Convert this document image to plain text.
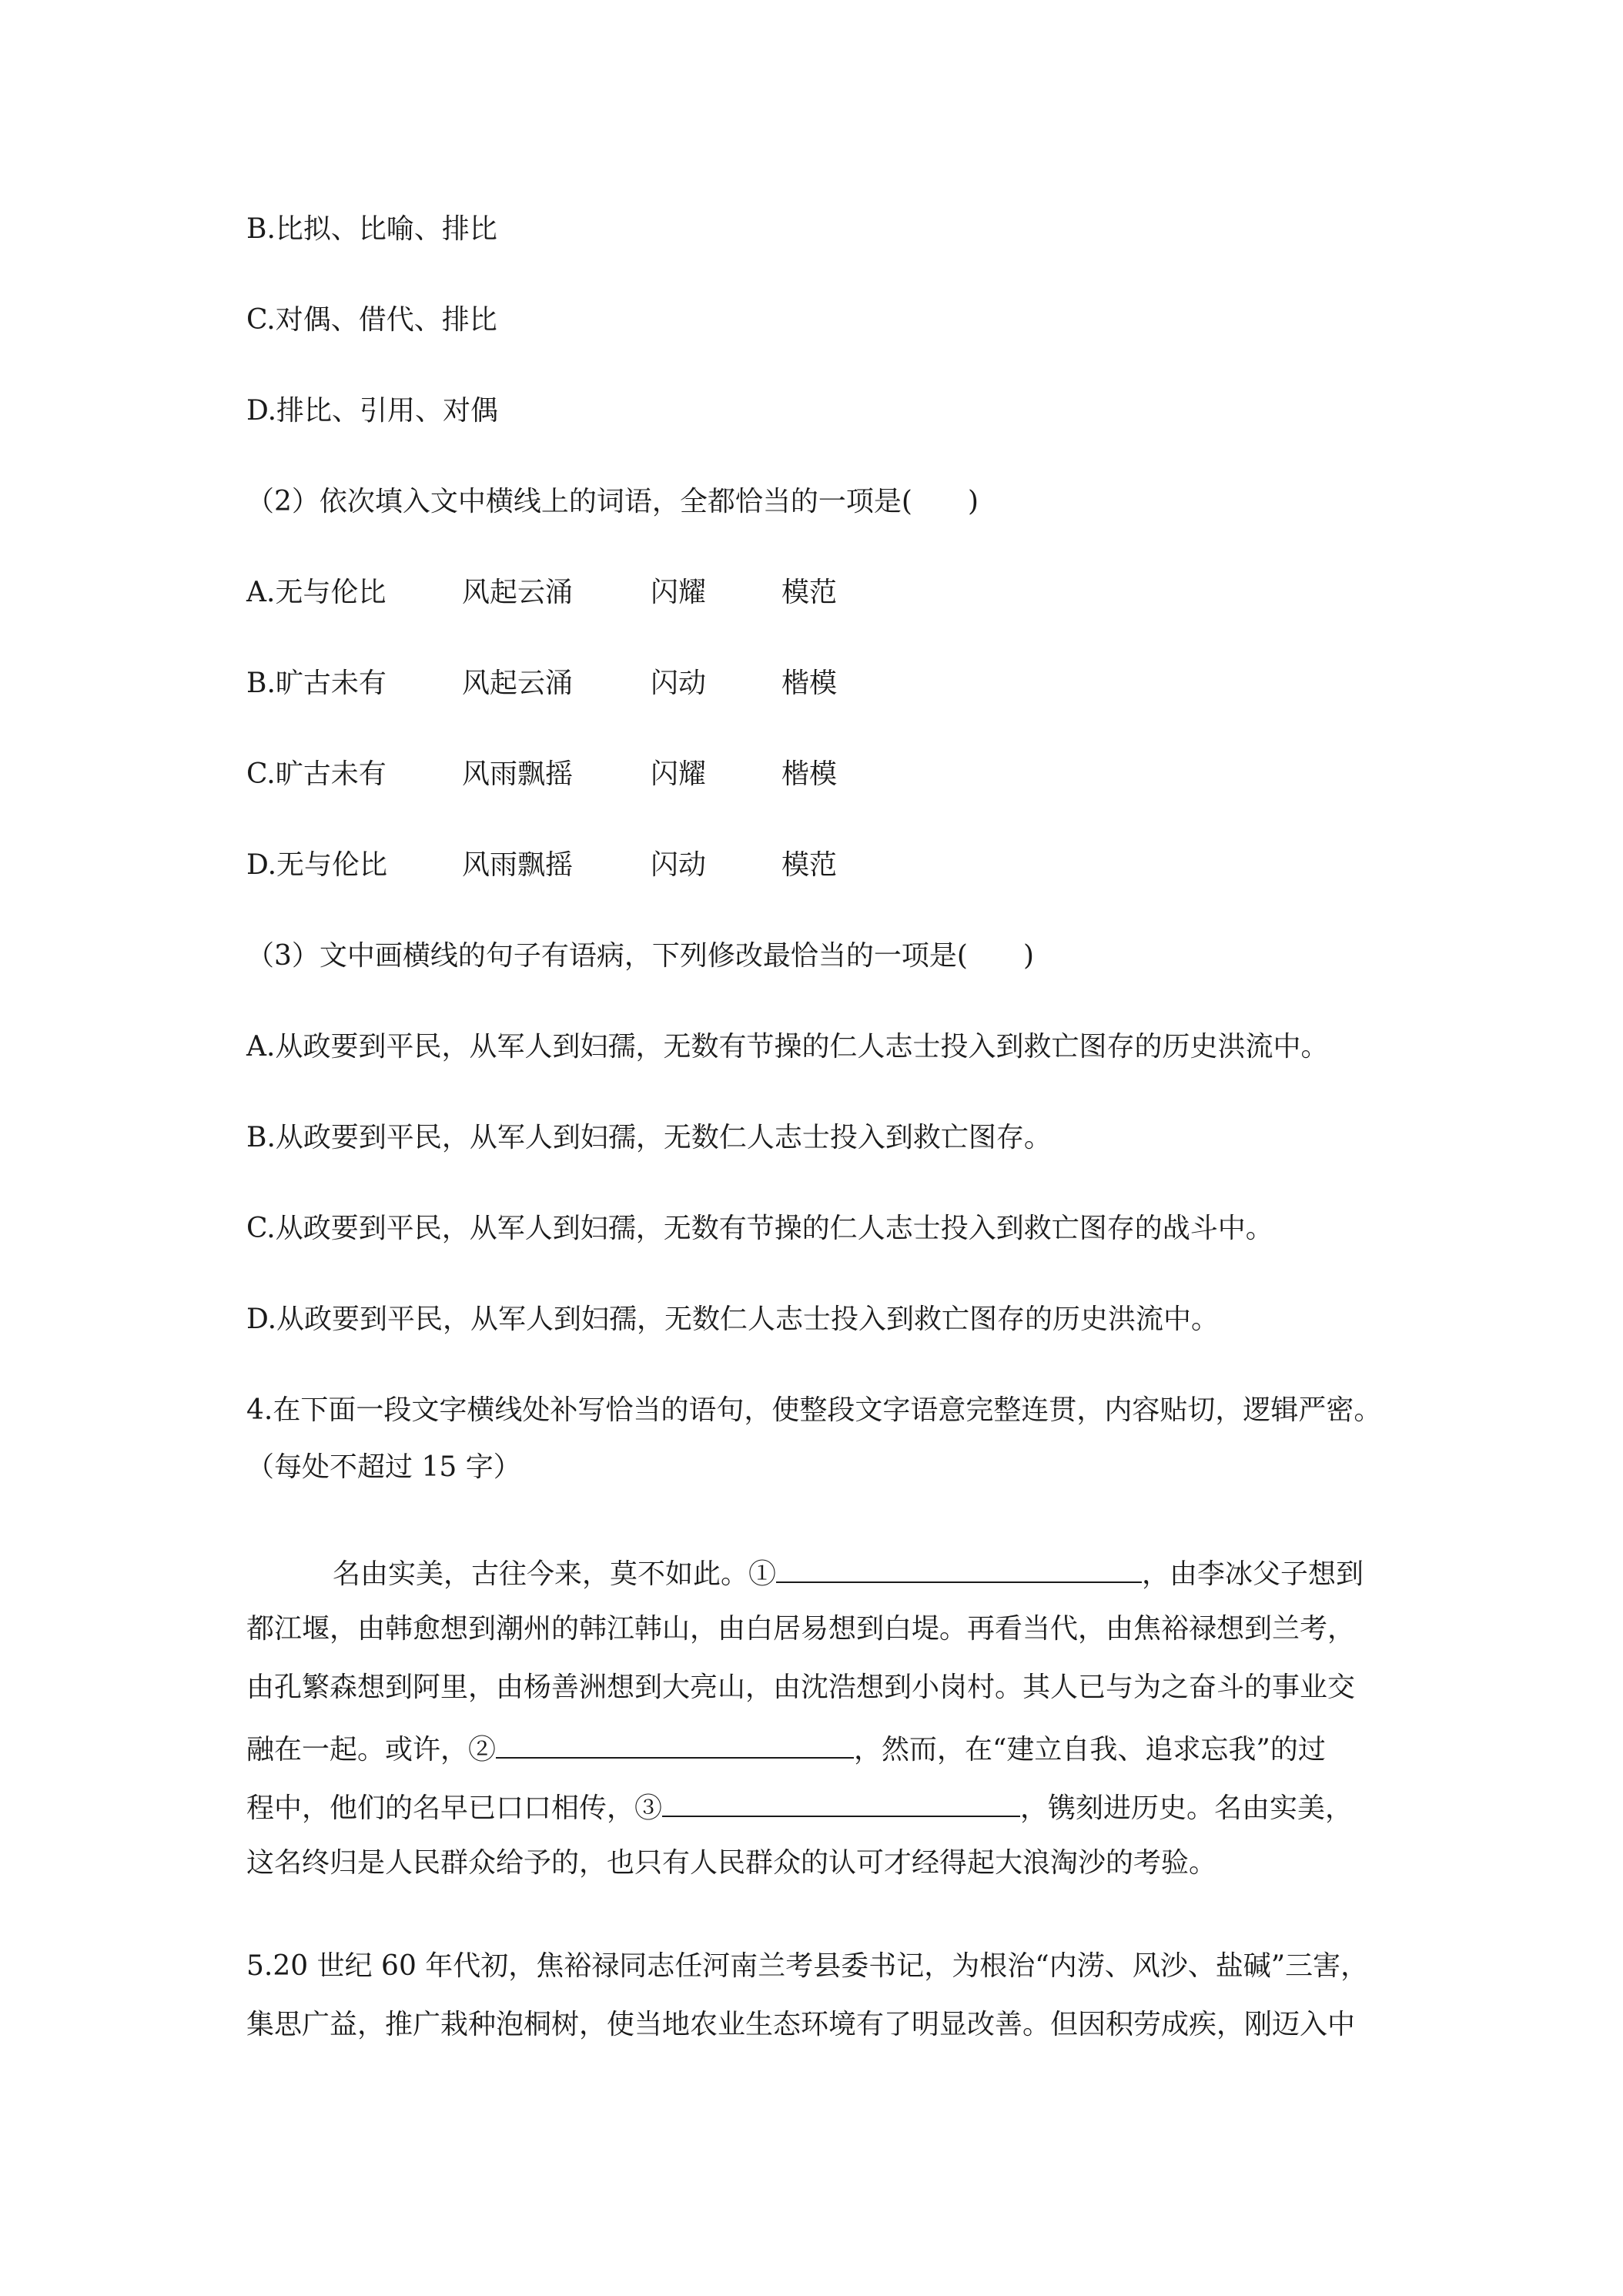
B.比拟、比喻、排比
C.对偶、借代、排比
D.排比、引用、对偶
（2）依次填入文中横线上的词语，全都恰当的一项是(　　)
A.无与伦比	风起云涌	闪耀	模范
B.旷古未有	风起云涌	闪动	楷模
C.旷古未有	风雨飘摇	闪耀	楷模
D.无与伦比	风雨飘摇	闪动	模范
（3）文中画横线的句子有语病，下列修改最恰当的一项是(　　)
A.从政要到平民，从军人到妇孺，无数有节操的仁人志士投入到救亡图存的历史洪流中。
B.从政要到平民，从军人到妇孺，无数仁人志士投入到救亡图存。
C.从政要到平民，从军人到妇孺，无数有节操的仁人志士投入到救亡图存的战斗中。
D.从政要到平民，从军人到妇孺，无数仁人志士投入到救亡图存的历史洪流中。
4.在下面一段文字横线处补写恰当的语句，使整段文字语意完整连贯，内容贴切，逻辑严密。
（每处不超过 15 字）
名由实美，古往今来，莫不如此。①	，由李冰父子想到
都江堰，由韩愈想到潮州的韩江韩山，由白居易想到白堤。再看当代，由焦裕禄想到兰考，
由孔繁森想到阿里，由杨善洲想到大亮山，由沈浩想到小岗村。其人已与为之奋斗的事业交
融在一起。或许，②	，然而，在“建立自我、追求忘我”的过
程中，他们的名早已口口相传，③	，镌刻进历史。名由实美，
这名终归是人民群众给予的，也只有人民群众的认可才经得起大浪淘沙的考验。
5.20 世纪 60 年代初，焦裕禄同志任河南兰考县委书记，为根治“内涝、风沙、盐碱”三害，
集思广益，推广栽种泡桐树，使当地农业生态环境有了明显改善。但因积劳成疾，刚迈入中
